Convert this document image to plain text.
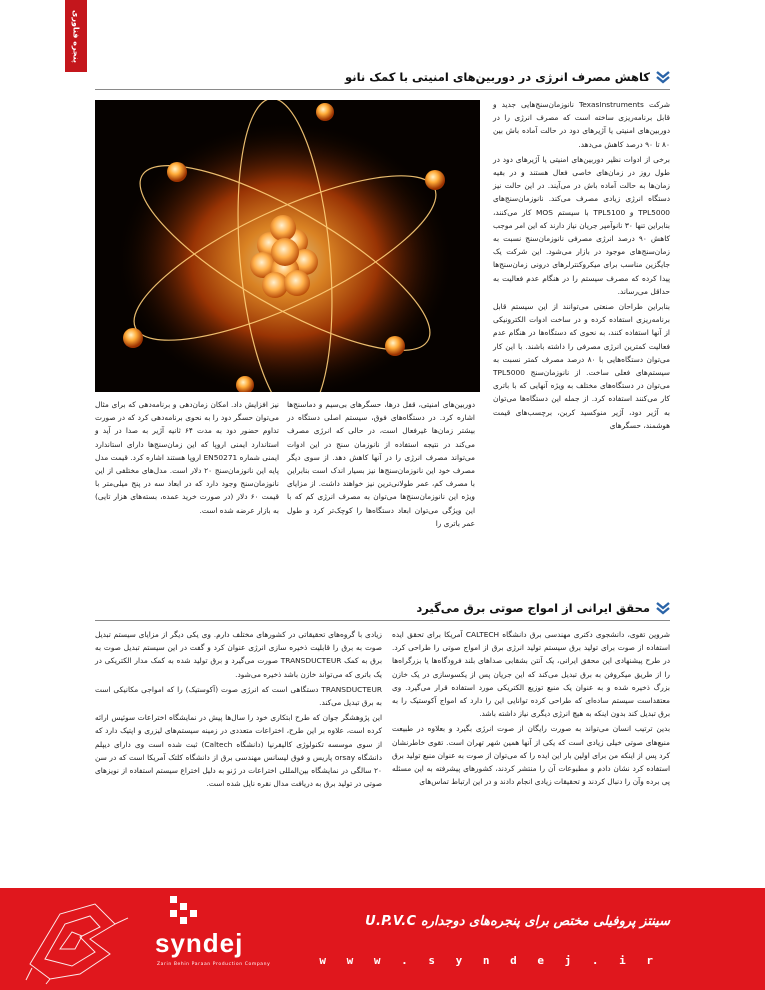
پنجره فناوری
کاهش مصرف انرژی در دوربین‌های امنیتی با کمک نانو

شرکت TexasInstruments نانوزمان‌سنج‌هایی جدید و قابل برنامه‌ریزی ساخته است که مصرف انرژی را در دوربین‌های امنیتی یا آژیرهای دود در حالت آماده باش بین ۸۰ تا ۹۰ درصد کاهش می‌دهد.

برخی از ادوات نظیر دوربین‌های امنیتی یا آژیرهای دود در طول روز در زمان‌های خاصی فعال هستند و در بقیه زمان‌ها به حالت آماده باش در می‌آیند. در این حالت نیز دستگاه انرژی زیادی مصرف می‌کند. نانوزمان‌سنج‌های TPL5000 و TPL5100 با سیستم MOS کار می‌کنند، بنابراین تنها ۳۰ نانوآمپر جریان نیاز دارند که این امر موجب کاهش ۹۰ درصد انرژی مصرفی نانوزمان‌سنج نسبت به زمان‌سنج‌های موجود در بازار می‌شود. این شرکت یک جایگزین مناسب برای میکروکنترلرهای درونی زمان‌سنج‌ها پیدا کرده که مصرف سیستم را در هنگام عدم فعالیت به حداقل می‌رساند.

بنابراین طراحان صنعتی می‌توانند از این سیستم قابل برنامه‌ریزی استفاده کرده و در ساخت ادوات الکترونیکی از آنها استفاده کنند، به نحوی که دستگاه‌ها در هنگام عدم فعالیت کمترین انرژی مصرفی را داشته باشند. با این کار می‌توان دستگاه‌هایی با ۸۰ درصد مصرف کمتر نسبت به سیستم‌های فعلی ساخت. از نانوزمان‌سنج TPL5000 می‌توان در دستگاه‌های مختلف به ویژه آنهایی که با باتری کار می‌کنند استفاده کرد. از جمله این دستگاه‌ها می‌توان به آژیر دود، آژیر منوکسید کربن، برچسب‌های قیمت هوشمند، حسگرهای

دوربین‌های امنیتی، قفل درها، حسگرهای بی‌سیم و دماسنج‌ها اشاره کرد. در دستگاه‌های فوق، سیستم اصلی دستگاه در بیشتر زمان‌ها غیرفعال است، در حالی که انرژی مصرف می‌کند در نتیجه استفاده از نانوزمان سنج در این ادوات می‌تواند مصرف انرژی را در آنها کاهش دهد. از سوی دیگر مصرف خود این نانوزمان‌سنج‌ها نیز بسیار اندک است بنابراین با مصرف کم، عمر طولانی‌ترین نیز خواهند داشت. از مزایای ویژه این نانوزمان‌سنج‌ها می‌توان به مصرف انرژی کم که با این ویژگی می‌توان ابعاد دستگاه‌ها را کوچک‌تر کرد و طول عمر باتری را

نیز افزایش داد. امکان زمان‌دهی و برنامه‌دهی که برای مثال می‌توان حسگر دود را به نحوی برنامه‌دهی کرد که در صورت تداوم حضور دود به مدت ۶۴ ثانیه آژیر به صدا در آید و استاندارد ایمنی اروپا که این زمان‌سنج‌ها دارای استاندارد ایمنی شماره EN50271 اروپا هستند اشاره کرد. قیمت مدل پایه این نانوزمان‌سنج ۲۰ دلار است. مدل‌های مختلفی از این نانوزمان‌سنج وجود دارد که در ابعاد سه در پنج میلی‌متر با قیمت ۶۰ دلار (در صورت خرید عمده، بسته‌های هزار تایی) به بازار عرضه شده است.

محقق ایرانی از امواج صوتی برق می‌گیرد

شروین تقوی، دانشجوی دکتری مهندسی برق دانشگاه CALTECH آمریکا برای تحقق ایده استفاده از صوت برای تولید برق سیستم تولید انرژی برق از امواج صوتی را طراحی کرد. در طرح پیشنهادی این محقق ایرانی، یک آنتن بشقابی صداهای بلند فرودگاه‌ها یا بزرگراه‌ها را از طریق میکروفن به برق تبدیل می‌کند که این جریان پس از یکسوسازی در یک خازن بزرگ ذخیره شده و به عنوان یک منبع توزیع الکتریکی مورد استفاده قرار می‌گیرد. وی معتقداست سیستم ساده‌ای که طراحی کرده توانایی این را دارد که امواج آکوستیک را به برق تبدیل کند بدون اینکه به هیچ انرژی دیگری نیاز داشته باشد.

بدین ترتیب انسان می‌تواند به صورت رایگان از صوت انرژی بگیرد و بعلاوه در طبیعت منبع‌های صوتی خیلی زیادی است که یکی از آنها همین شهر تهران است. تقوی خاطرنشان کرد پس از اینکه من برای اولین بار این ایده را که می‌توان از صوت به عنوان منبع تولید برق استفاده کرد نشان دادم و مطبوعات آن را منتشر کردند، کشورهای پیشرفته به این مسئله پی برده وآن را دنبال کردند و تحقیقات زیادی انجام دادند و در این ارتباط تماس‌های

زیادی با گروه‌های تحقیقاتی در کشورهای مختلف دارم. وی یکی دیگر از مزایای سیستم تبدیل صوت به برق را قابلیت ذخیره سازی انرژی عنوان کرد و گفت در این سیستم تبدیل صوت به برق به کمک TRANSDUCTEUR صورت می‌گیرد و برق تولید شده به کمک مدار الکتریکی در یک باتری که می‌تواند خازن باشد ذخیره می‌شود.

TRANSDUCTEUR دستگاهی است که انرژی صوت (آکوستیک) را که امواجی مکانیکی است به برق تبدیل می‌کند.

این پژوهشگر جوان که طرح ابتکاری خود را سال‌ها پیش در نمایشگاه اختراعات سوئیس ارائه کرده است، علاوه بر این طرح، اختراعات متعددی در زمینه سیستم‌های لیزری و اپتیک دارد که از سوی موسسه تکنولوژی کالیفرنیا (دانشگاه Caltech) ثبت شده است وی دارای دیپلم دانشگاه orsay پاریس و فوق لیسانس مهندسی برق از دانشگاه کلتک آمریکا است که در سن ۲۰ سالگی در نمایشگاه بین‌المللی اختراعات در ژنو به دلیل اختراع سیستم استفاده از نویزهای صوتی در تولید برق به دریافت مدال نقره نایل شده است.

syndej
Zarin Behin Paraan Production Company
سینتز پروفیلی مختص برای پنجره‌های دوجداره U.P.V.C
w w w . s y n d e j . i r
